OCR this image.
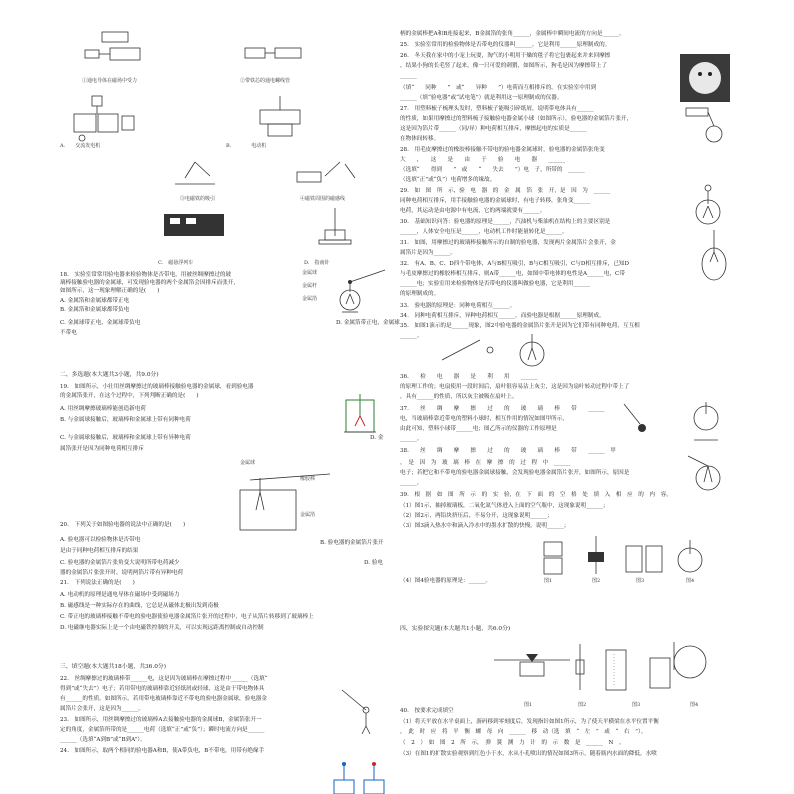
①通电导体在磁场中受力	②带铁芯的通电螺线管
A.　　 交流发电机	B.　　　　	电动机
③电磁铁的吸引	④磁铁周围的磁感线
C.　 磁悬浮列车	D.　 指南针
18.　实验室常常用验电器来检验物体是否带电，用被丝绸摩擦过的玻
璃棒接触验电器的金属球，可发现验电器的两个金属箔会因排斥而张开，
如图所示，这一现象理解正确的是(　　)
A. 金属箔和金属球都带正电
B. 金属箔和金属球都带负电
C. 金属球带正电，金属球带负电	D. 金属箔带正电，金属球
不带电
金属球
金属杆
金属箔
二、多选题(本大题共3小题，共9.0分)
19.　如图所示，小壮用丝绸摩擦过的玻璃棒接触验电器的金属球，看到验电器
的金属箔张开，在这个过程中，下列判断正确的是(　　)
A. 用丝绸摩擦玻璃棒能创造新电荷
B. 与金属球接触后，玻璃棒和金属球上带有同种电荷
C. 与金属球接触后，玻璃棒和金属球上带有异种电荷	D. 金
属箔张开是因为同种电荷相互排斥
金属球
橡胶棒
金属箔
20.　下列关于如图验电器的说法中正确的是(　　)
A. 验电器可以检验物体是否带电	B. 验电器的金属箔片张开
是由于同种电荷相互排斥的结果
C. 验电器的金属箔片张角变大说明所带电荷减少	D. 验电
器的金属箔片张张开时，说明两箔片带有异种电荷
21.　下列说法正确的是(　　)
A. 电动机的原理是通电导体在磁场中受到磁场力
B. 磁感线是一种实际存在的曲线，它总是从磁体北极出发到南极
C. 带正电的玻璃棒接触不带电的验电器使验电器金属箔片张开的过程中，电子从箔片转移到了玻璃棒上
D. 电磁继电器实际上是一个由电磁铁控制的开关，可以实现远距离控制或自动控制
三、填空题(本大题共18小题，共36.0分)
22.　丝绸摩擦过的玻璃棒带______电，这是因为玻璃棒在摩擦过程中______（选填“
得到”或“失去”）电子；若用带电的玻璃棒靠近轻纸屑或轻球，这是由于带电物体具
有______的性质。如图所示，若用带电玻璃棒靠近不带电的验电器金属球，验电器金
属箔片会张开，这是因为______。
23.　如图所示，用丝绸摩擦过的玻璃棒A去接触验电器的金属球B，金属箔张开一
定的角度，金属箔所带的是______电荷（选填“正”或“负”）；瞬时电流方向是______
______（选填“A到B”或“B到A”）。
24.　如图所示，取两个相同的验电器A和B，使A带负电，B不带电，用带有绝缘手
柄的金属棒把A和B连接起来，B金属箔的张角______，金属棒中瞬间电流的方向是______。
25.　实验室常用的检验物体是否带电的仪器叫______，它是利用______原理制成的。
26.　冬天我在家中的小宠上玩耍，淘气的小明用干燥的毯子将它包裹起来并来回摩擦
，结果小狗的长毛竖了起来，像一只可爱的刺猬，如图所示，狗毛是因为摩擦带上了
______
（填“　　同种　　”　或“　　异种　　”）电荷而互相排斥的。在实验室中用到
______（填“验电器”或“试电笔”）就是利用这一原理制成的仪器。
27.　用塑料梳子梳理头发时，塑料梳子能吸引碎纸屑，说明带电体具有______
的性质，如果用摩擦过的塑料梳子接触验电器金属小球（如图所示），验电器的金属箔片张开，
这是因为箔片带______（同/异）种电荷相互排斥，摩擦起电的实质是______
在物体间转移。
28.　用毛皮摩擦过的橡胶棒接触不带电的验电器金属球时，验电器的金属箔张角变
大　　，　　这　　是　　由　　于　　验　　电　　器　　______
（选填“　　得到　　”　或　　“　　失去　　”）电　子，所带的　______
（选填“正”或“负”）电荷增多的缘故。
29.　如　图　所　示，验　电　器　的　金　属　箔　张　开，是　因　为　______
同种电荷相互排斥，用手接触验电器的金属球时，有电子转移，张角变______
电荷，其运动是由电源中有电流，它的两端就要有______。
30.　基础知识问答：验电器的原理是______，汽油机与柴油机在结构上的主要区别是
______，人体安全电压是______，电动机工作时能量转化是______。
31.　如图，用摩擦过的玻璃棒接触所示的自制的验电器，发现两片金属箔片会张开，金
属箔片是因为______。
32.　有A、B、C、D四个带电体，A与B相互吸引，B与C相互吸引，C与D相互排斥，已知D
与毛皮摩擦过的橡胶棒相互排斥，则A带______电，如图中带电体的电性是A______电，C带
______电；实验室用来检验物体是否带电的仪器叫做验电器，它是利用______
的原理制成的。
33.　验电器的原理是：同种电荷相互______。
34.　同种电荷相互排斥，异种电荷相互______，而验电器是根据______原理制成。
35.　如图1演示的是______现象，图2中验电器的金属箔片张开是因为它们带有同种电荷，互互相
______。
36.　　检　　电　　器　　是　　利　　用　　______
的原理工作的；电扇使用一段时间后，扇叶很容易沾上灰尘，这是因为扇叶转动过程中带上了
，具有______的性质，所以灰尘被吸在扇叶上。
37.　　丝　　绸　　摩　　擦　　过　　的　　玻　　璃　　棒　　带　　______
电，当玻璃棒靠近带电的塑料小球时，相互作用的情况如图甲所示，
由此可知，塑料小球带______电；图乙所示的仪器的工作原理是
______。
38.　　丝　　绸　　摩　　擦　　过　　的　　玻　　璃　　棒　　带　　______　甲
，　是　因　为　玻　璃　棒　在　摩　擦　的　过　程　中　______
电子；若把它和不带电的验电器金属球接触，会发现验电器金属箔片张开，如图所示，原因是
______。
39.　根　据　如　图　所　示　的　实　验，在　下　面　的　空　格　处　填　入　相　应　的　内　容。
（1）图1示，抽掉玻璃板，二氧化氮气体进入上面的空气瓶中，这现象说明______；
（2）图2示，两铅块挤压后，不易分开，这现象说明______；
（3）图3滴入热水中和滴入冷水中的墨水扩散的快慢，说明______；
图1	图2	图3	图4
（4）图4验电器的原理是：______。
四、实验探究题(本大题共1小题，共6.0分)
图1	图2	图3	图4
40.　按要求完成填空
（1）将天平放在水平桌面上，游码移到零刻度后，发现指针如图1所示，为了使天平横梁在水平位置平衡
，　此　时　应　将　平　衡　螺　母　向　______　移　动（选　填　“　左　”　或　“　右　”）。
（　2　）　如　图　2　所　示，　弹　簧　测　力　计　的　示　数　是　______　N　。
（3）在图1的扩散实验观察到红色小于水，水从小孔喷出的情况如图3所示，随着瓶内水面的降低，水喷
